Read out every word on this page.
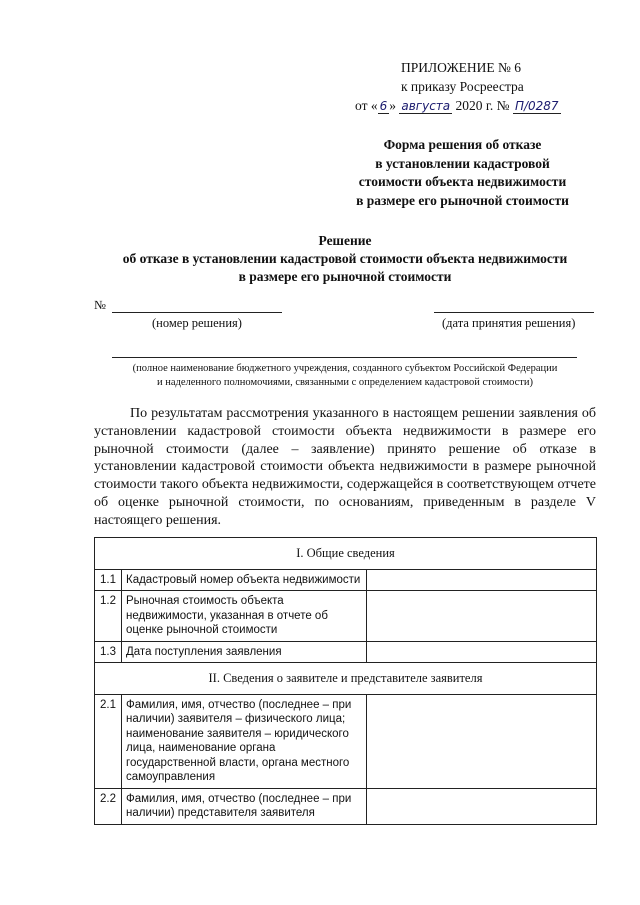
ПРИЛОЖЕНИЕ № 6
к приказу Росреестра
от « 6 » августа 2020 г. № П/0287
Форма решения об отказе
в установлении кадастровой
стоимости объекта недвижимости
в размере его рыночной стоимости
Решение
об отказе в установлении кадастровой стоимости объекта недвижимости
в размере его рыночной стоимости
№
(номер решения)	(дата принятия решения)
(полное наименование бюджетного учреждения, созданного субъектом Российской Федерации
и наделенного полномочиями, связанными с определением кадастровой стоимости)
По результатам рассмотрения указанного в настоящем решении заявления об установлении кадастровой стоимости объекта недвижимости в размере его рыночной стоимости (далее – заявление) принято решение об отказе в установлении кадастровой стоимости объекта недвижимости в размере рыночной стоимости такого объекта недвижимости, содержащейся в соответствующем отчете об оценке рыночной стоимости, по основаниям, приведенным в разделе V настоящего решения.
I. Общие сведения		
1.1	Кадастровый номер объекта недвижимости	
1.2	Рыночная стоимость объекта недвижимости, указанная в отчете об оценке рыночной стоимости	
1.3	Дата поступления заявления	
II. Сведения о заявителе и представителе заявителя		
2.1	Фамилия, имя, отчество (последнее – при наличии) заявителя – физического лица; наименование заявителя – юридического лица, наименование органа государственной власти, органа местного самоуправления	
2.2	Фамилия, имя, отчество (последнее – при наличии) представителя заявителя	
